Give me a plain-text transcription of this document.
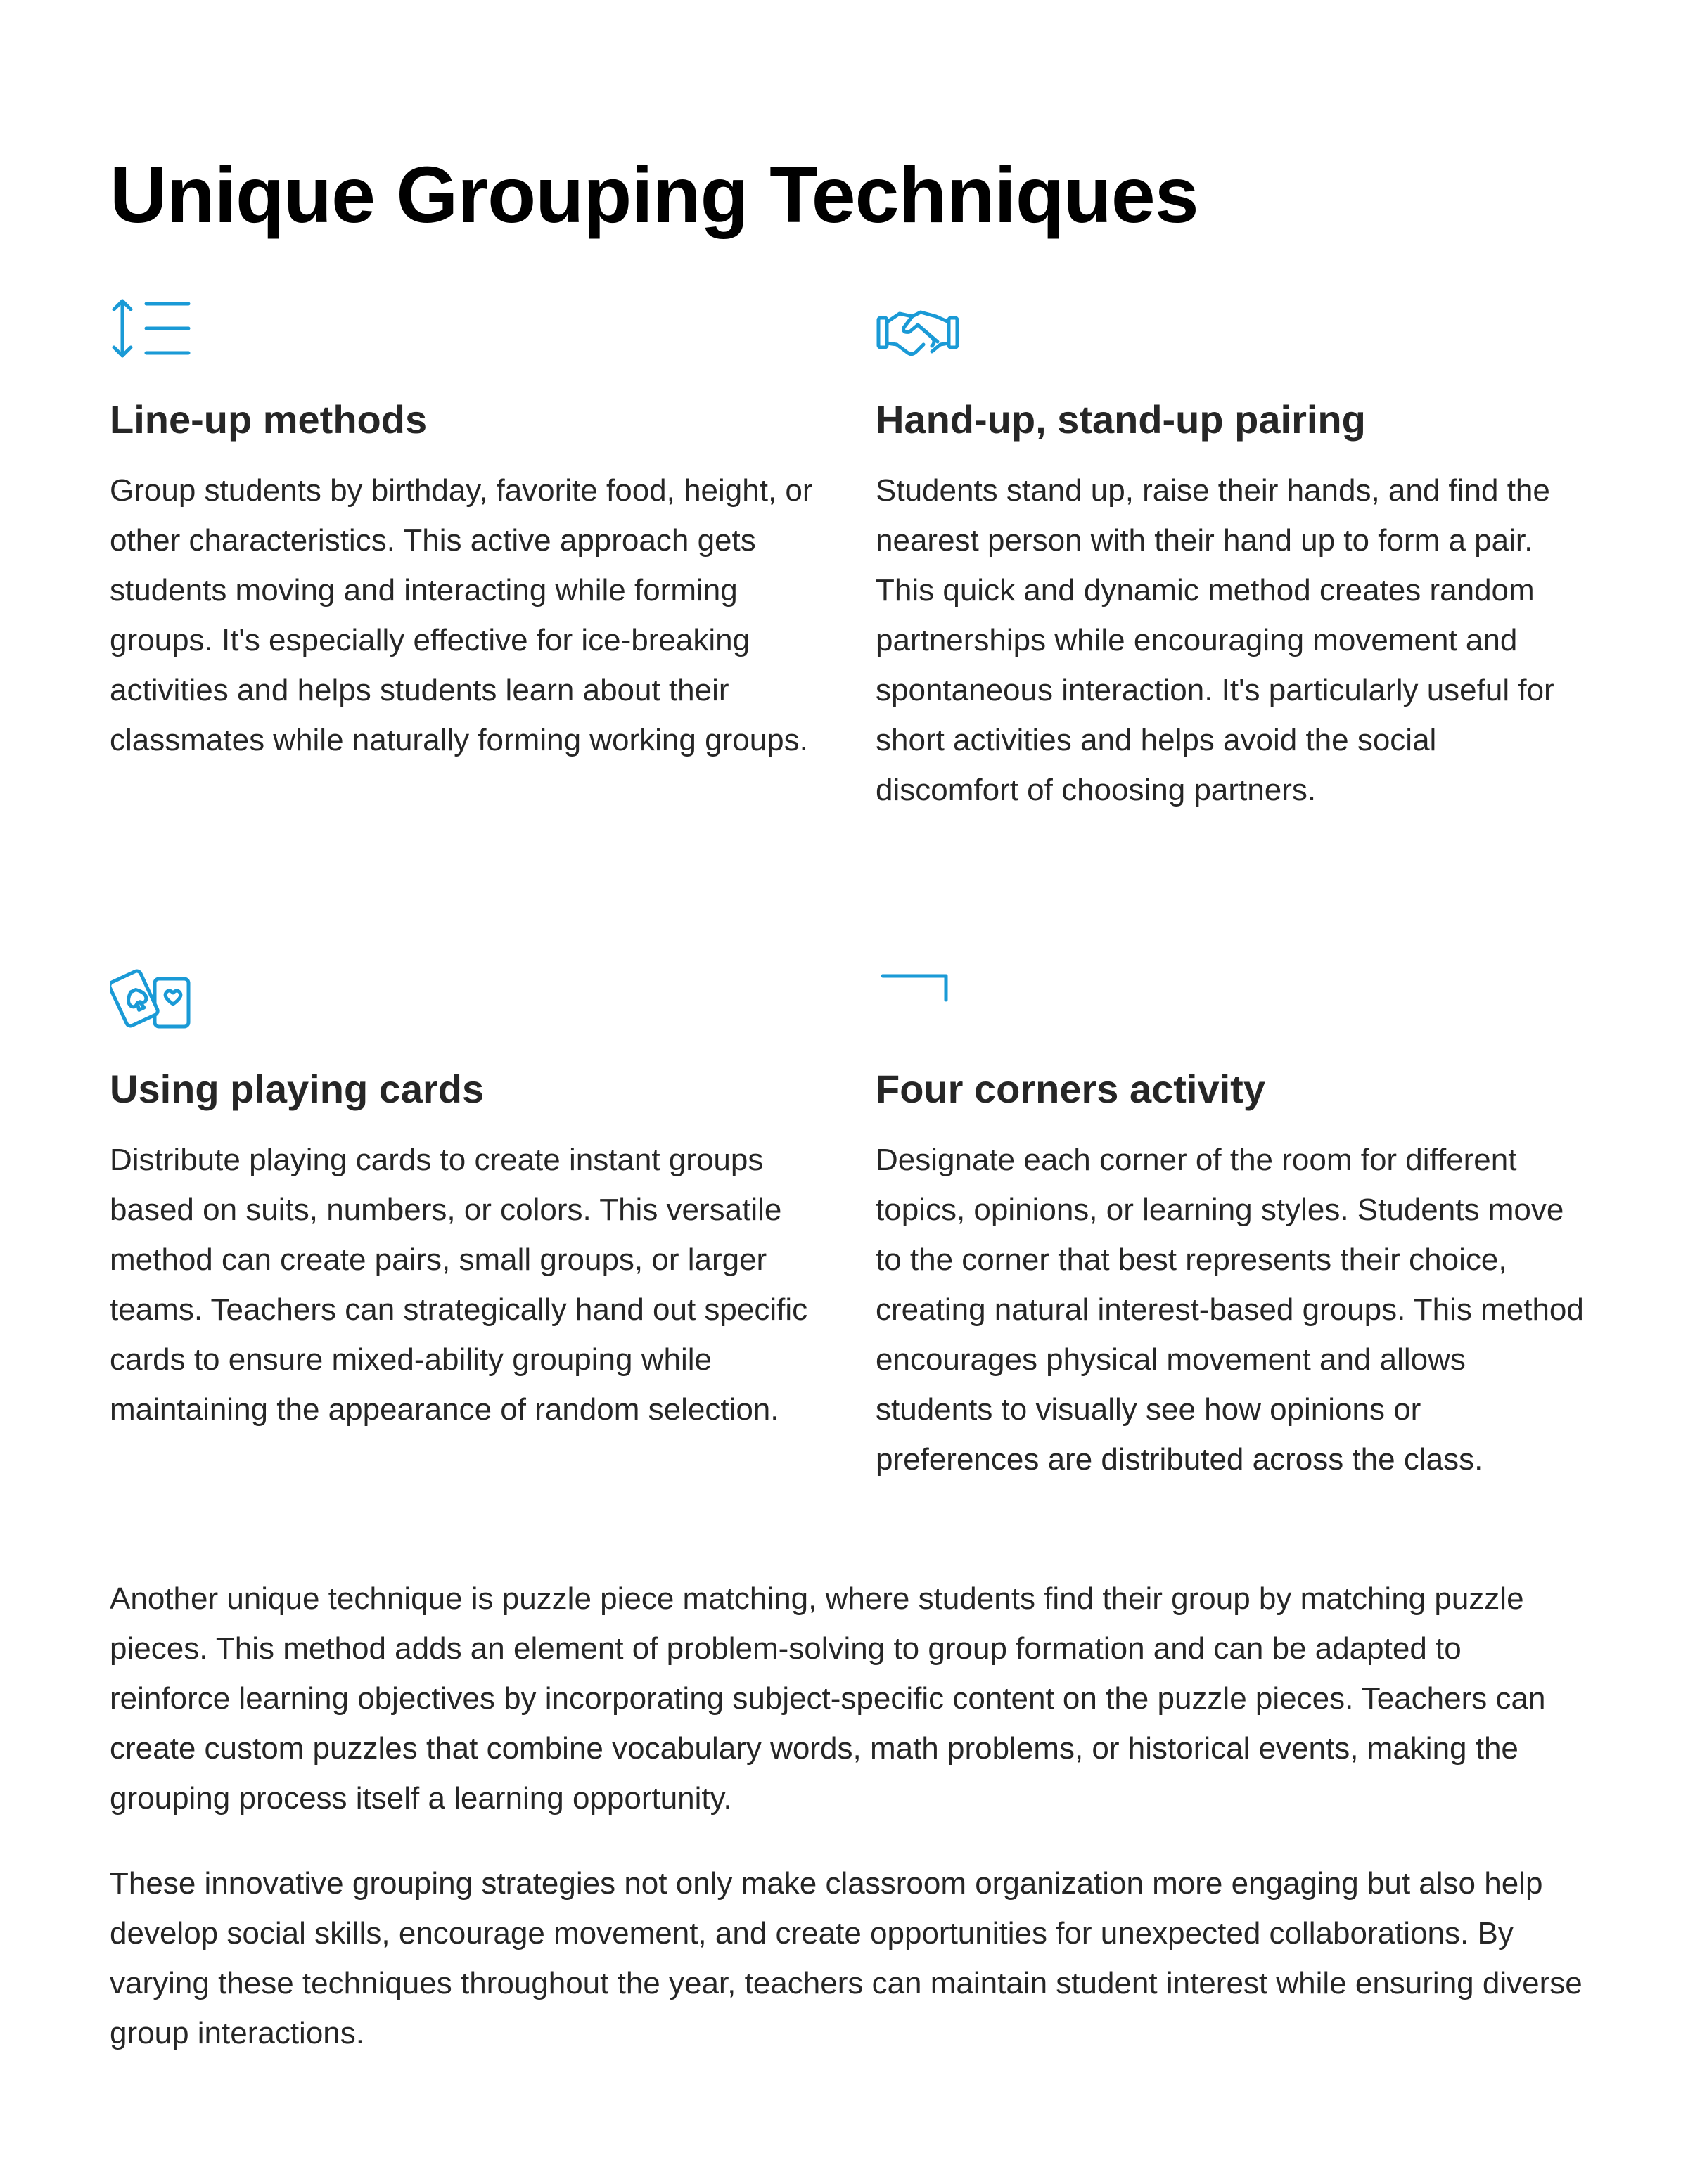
Unique Grouping Techniques
Line-up methods

Group students by birthday, favorite food, height, or other characteristics. This active approach gets students moving and interacting while forming groups. It's especially effective for ice-breaking activities and helps students learn about their classmates while naturally forming working groups.

Hand-up, stand-up pairing

Students stand up, raise their hands, and find the nearest person with their hand up to form a pair. This quick and dynamic method creates random partnerships while encouraging movement and spontaneous interaction. It's particularly useful for short activities and helps avoid the social discomfort of choosing partners.

Using playing cards

Distribute playing cards to create instant groups based on suits, numbers, or colors. This versatile method can create pairs, small groups, or larger teams. Teachers can strategically hand out specific cards to ensure mixed-ability grouping while maintaining the appearance of random selection.

Four corners activity

Designate each corner of the room for different topics, opinions, or learning styles. Students move to the corner that best represents their choice, creating natural interest-based groups. This method encourages physical movement and allows students to visually see how opinions or preferences are distributed across the class.

Another unique technique is puzzle piece matching, where students find their group by matching puzzle pieces. This method adds an element of problem-solving to group formation and can be adapted to reinforce learning objectives by incorporating subject-specific content on the puzzle pieces. Teachers can create custom puzzles that combine vocabulary words, math problems, or historical events, making the grouping process itself a learning opportunity.

These innovative grouping strategies not only make classroom organization more engaging but also help develop social skills, encourage movement, and create opportunities for unexpected collaborations. By varying these techniques throughout the year, teachers can maintain student interest while ensuring diverse group interactions.
